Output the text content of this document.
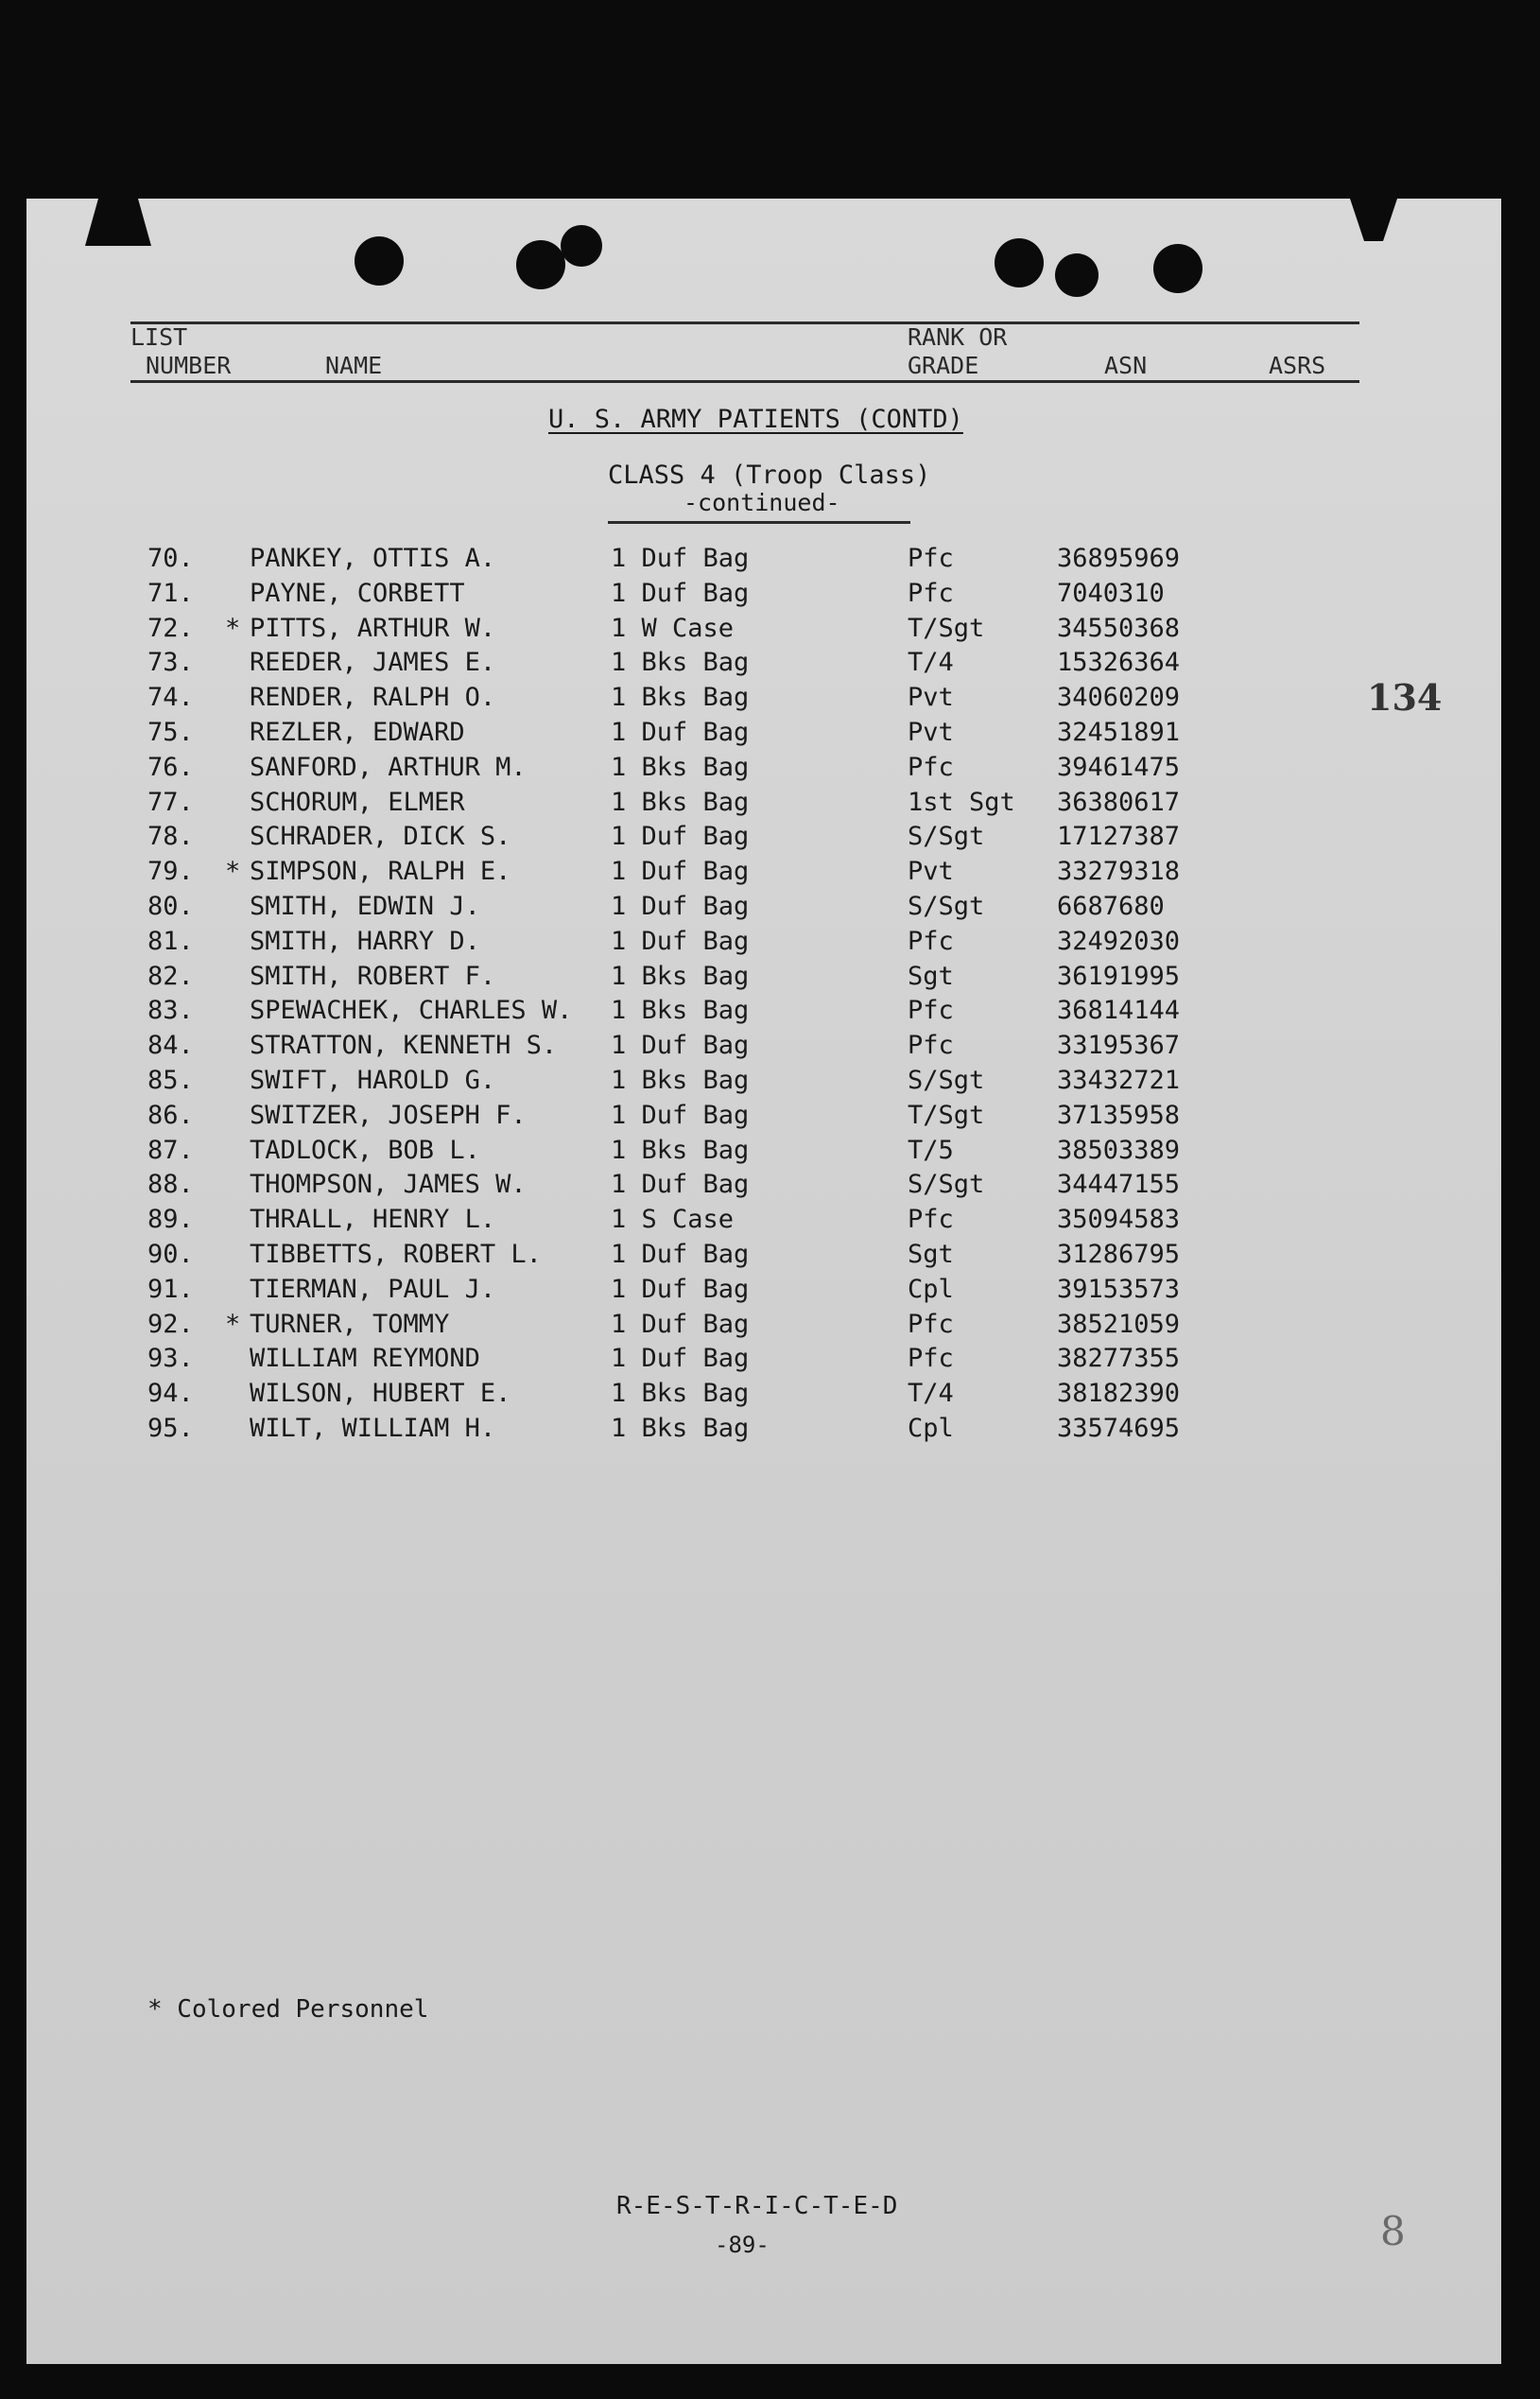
LIST
NUMBER	NAME
RANK OR
GRADE	ASN	ASRS
U. S. ARMY PATIENTS (CONTD)
CLASS 4 (Troop Class)
-continued-
134
70. PANKEY, OTTIS A.	1 Duf Bag	Pfc	36895969
71. PAYNE, CORBETT	1 Duf Bag	Pfc	7040310
72. * PITTS, ARTHUR W.	1 W Case	T/Sgt	34550368
73. REEDER, JAMES E.	1 Bks Bag	T/4	15326364
74. RENDER, RALPH O.	1 Bks Bag	Pvt	34060209
75. REZLER, EDWARD	1 Duf Bag	Pvt	32451891
76. SANFORD, ARTHUR M.	1 Bks Bag	Pfc	39461475
77. SCHORUM, ELMER	1 Bks Bag	1st Sgt 36380617
78. SCHRADER, DICK S.	1 Duf Bag	S/Sgt	17127387
79. * SIMPSON, RALPH E.	1 Duf Bag	Pvt	33279318
80. SMITH, EDWIN J.	1 Duf Bag	S/Sgt	6687680
81. SMITH, HARRY D.	1 Duf Bag	Pfc	32492030
82. SMITH, ROBERT F.	1 Bks Bag	Sgt	36191995
83. SPEWACHEK, CHARLES W. 1 Bks Bag	Pfc	36814144
84. STRATTON, KENNETH S. 1 Duf Bag	Pfc	33195367
85. SWIFT, HAROLD G.	1 Bks Bag	S/Sgt	33432721
86. SWITZER, JOSEPH F.	1 Duf Bag	T/Sgt	37135958
87. TADLOCK, BOB L.	1 Bks Bag	T/5	38503389
88. THOMPSON, JAMES W.	1 Duf Bag	S/Sgt	34447155
89. THRALL, HENRY L.	1 S Case	Pfc	35094583
90. TIBBETTS, ROBERT L.	1 Duf Bag	Sgt	31286795
91. TIERMAN, PAUL J.	1 Duf Bag	Cpl	39153573
92. * TURNER, TOMMY	1 Duf Bag	Pfc	38521059
93. WILLIAM REYMOND	1 Duf Bag	Pfc	38277355
94. WILSON, HUBERT E.	1 Bks Bag	T/4	38182390
95. WILT, WILLIAM H.	1 Bks Bag	Cpl	33574695
* Colored Personnel
R-E-S-T-R-I-C-T-E-D
-89-	8
